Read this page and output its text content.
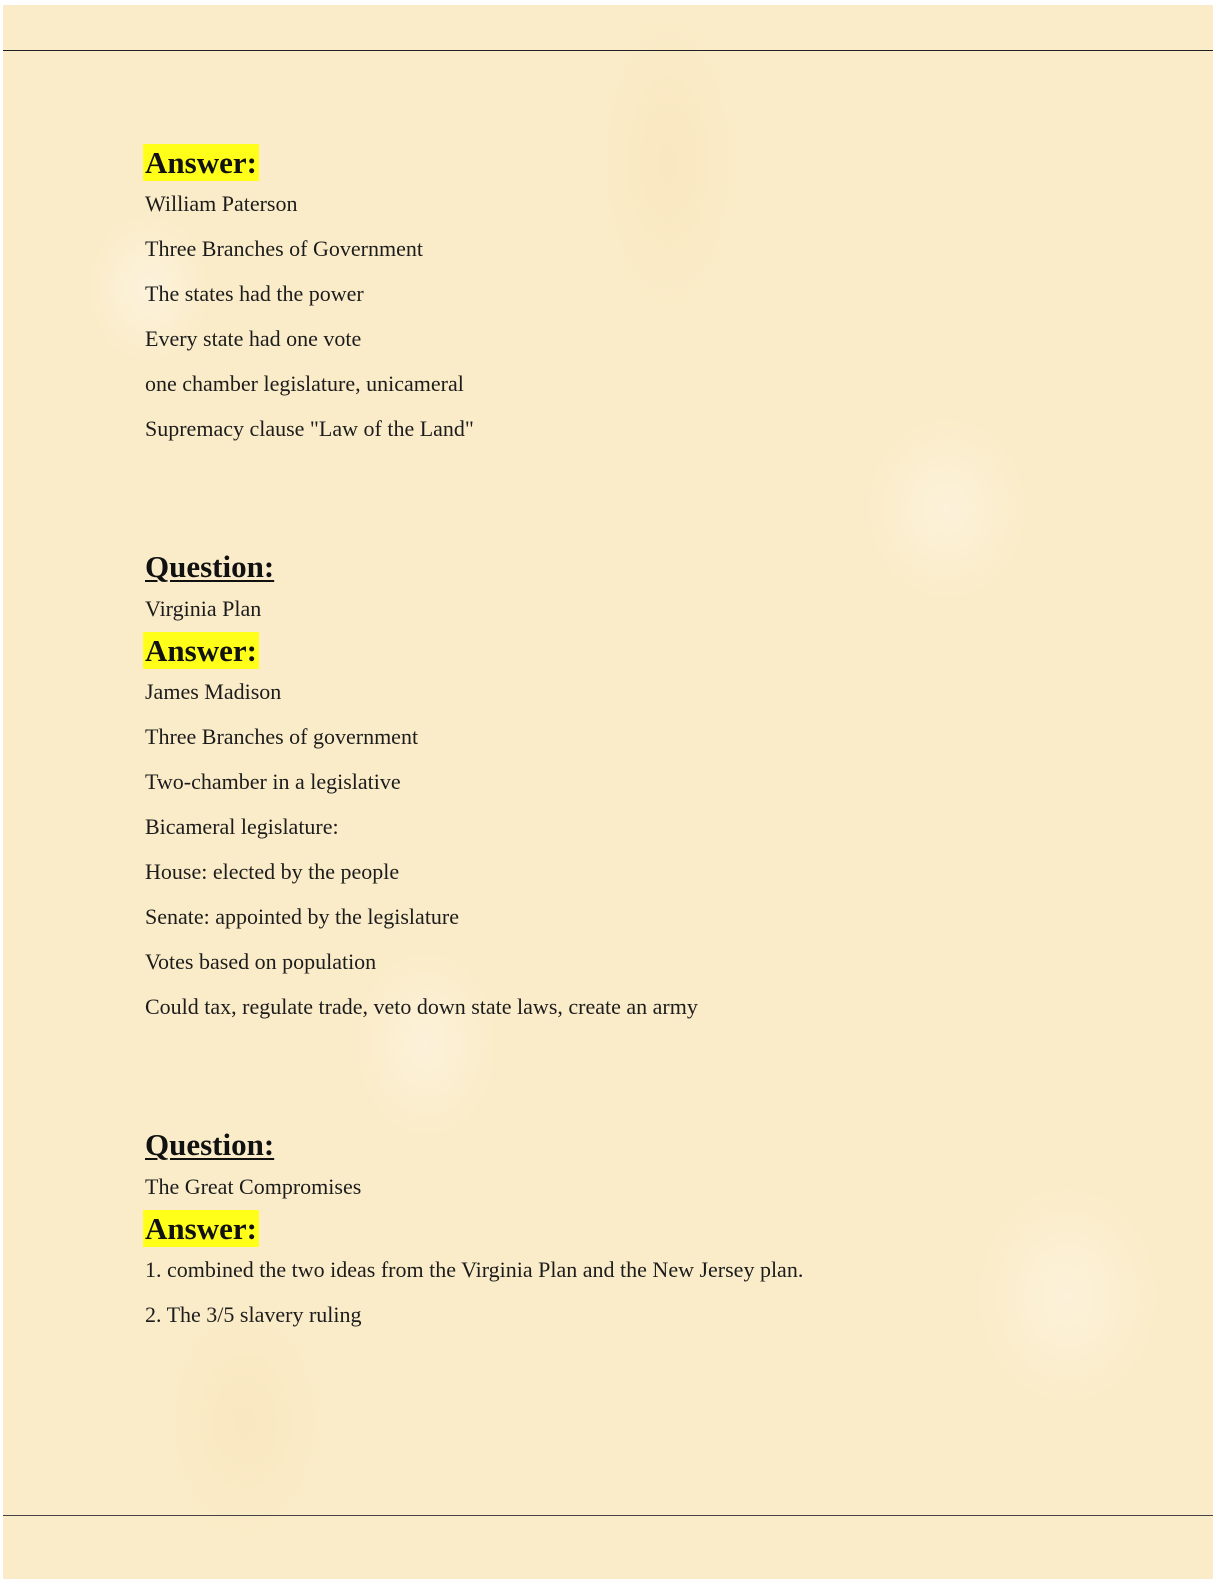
Answer:
William Paterson
Three Branches of Government
The states had the power
Every state had one vote
one chamber legislature, unicameral
Supremacy clause "Law of the Land"
Question:
Virginia Plan
Answer:
James Madison
Three Branches of government
Two-chamber in a legislative
Bicameral legislature:
House: elected by the people
Senate: appointed by the legislature
Votes based on population
Could tax, regulate trade, veto down state laws, create an army
Question:
The Great Compromises
Answer:
1. combined the two ideas from the Virginia Plan and the New Jersey plan.
2. The 3/5 slavery ruling
